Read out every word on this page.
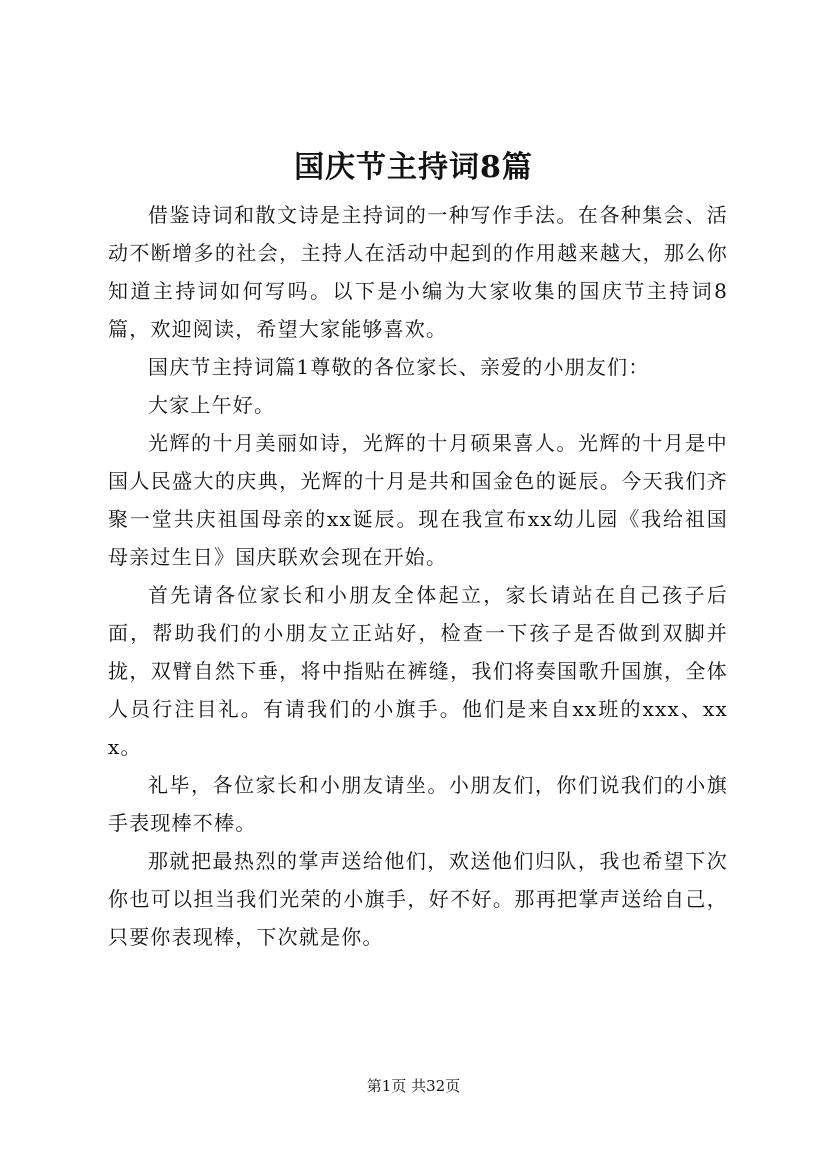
国庆节主持词8篇

借鉴诗词和散文诗是主持词的一种写作手法。在各种集会、活动不断增多的社会，主持人在活动中起到的作用越来越大，那么你知道主持词如何写吗。以下是小编为大家收集的国庆节主持词8篇，欢迎阅读，希望大家能够喜欢。

国庆节主持词篇1尊敬的各位家长、亲爱的小朋友们：

大家上午好。

光辉的十月美丽如诗，光辉的十月硕果喜人。光辉的十月是中国人民盛大的庆典，光辉的十月是共和国金色的诞辰。今天我们齐聚一堂共庆祖国母亲的xx诞辰。现在我宣布xx幼儿园《我给祖国母亲过生日》国庆联欢会现在开始。

首先请各位家长和小朋友全体起立，家长请站在自己孩子后面，帮助我们的小朋友立正站好，检查一下孩子是否做到双脚并拢，双臂自然下垂，将中指贴在裤缝，我们将奏国歌升国旗，全体人员行注目礼。有请我们的小旗手。他们是来自xx班的xxx、xxx。

礼毕，各位家长和小朋友请坐。小朋友们，你们说我们的小旗手表现棒不棒。

那就把最热烈的掌声送给他们，欢送他们归队，我也希望下次你也可以担当我们光荣的小旗手，好不好。那再把掌声送给自己，只要你表现棒，下次就是你。

第1页 共32页
